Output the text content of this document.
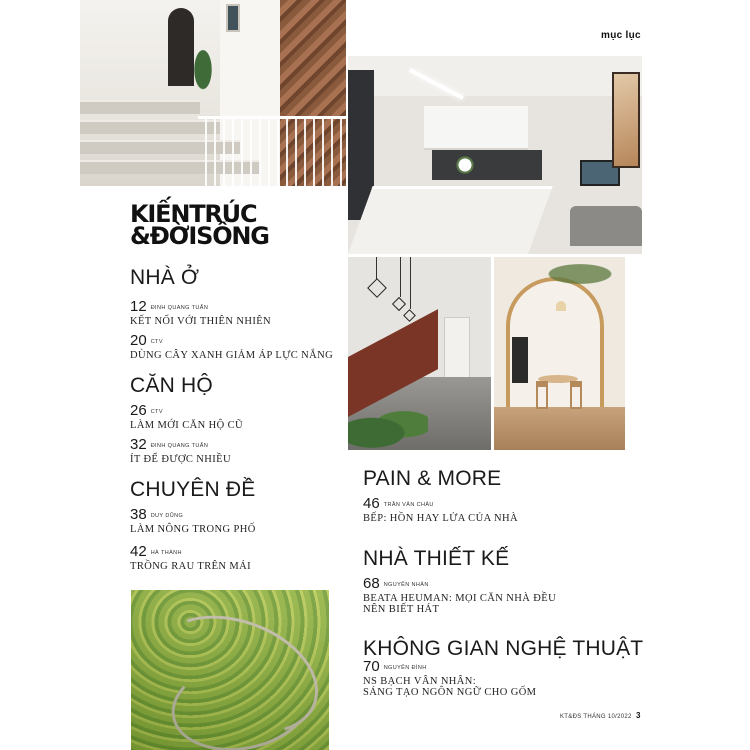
mục lục
KIẾNTRÚC
&ĐỜISỐNG
NHÀ Ở
12 ĐINH QUANG TUẤN
KẾT NỐI VỚI THIÊN NHIÊN
20 CTV
DÙNG CÂY XANH GIẢM ÁP LỰC NẮNG
CĂN HỘ
26 CTV
LÀM MỚI CĂN HỘ CŨ
32 ĐINH QUANG TUẤN
ÍT ĐỂ ĐƯỢC NHIỀU
CHUYÊN ĐỀ
38 DUY DŨNG
LÀM NÔNG TRONG PHỐ
42 HÀ THÀNH
TRỒNG RAU TRÊN MÁI
PAIN & MORE
46 TRẦN VĂN CHÂU
BẾP: HỒN HAY LỬA CỦA NHÀ
NHÀ THIẾT KẾ
68 NGUYỄN NHÂN
BEATA HEUMAN: MỌI CĂN NHÀ ĐỀU
NÊN BIẾT HÁT
KHÔNG GIAN NGHỆ THUẬT
70 NGUYỄN ĐÌNH
NS BẠCH VÂN NHÂN:
SÁNG TẠO NGÔN NGỮ CHO GỐM
KT&ĐS THÁNG 10/2022 3
